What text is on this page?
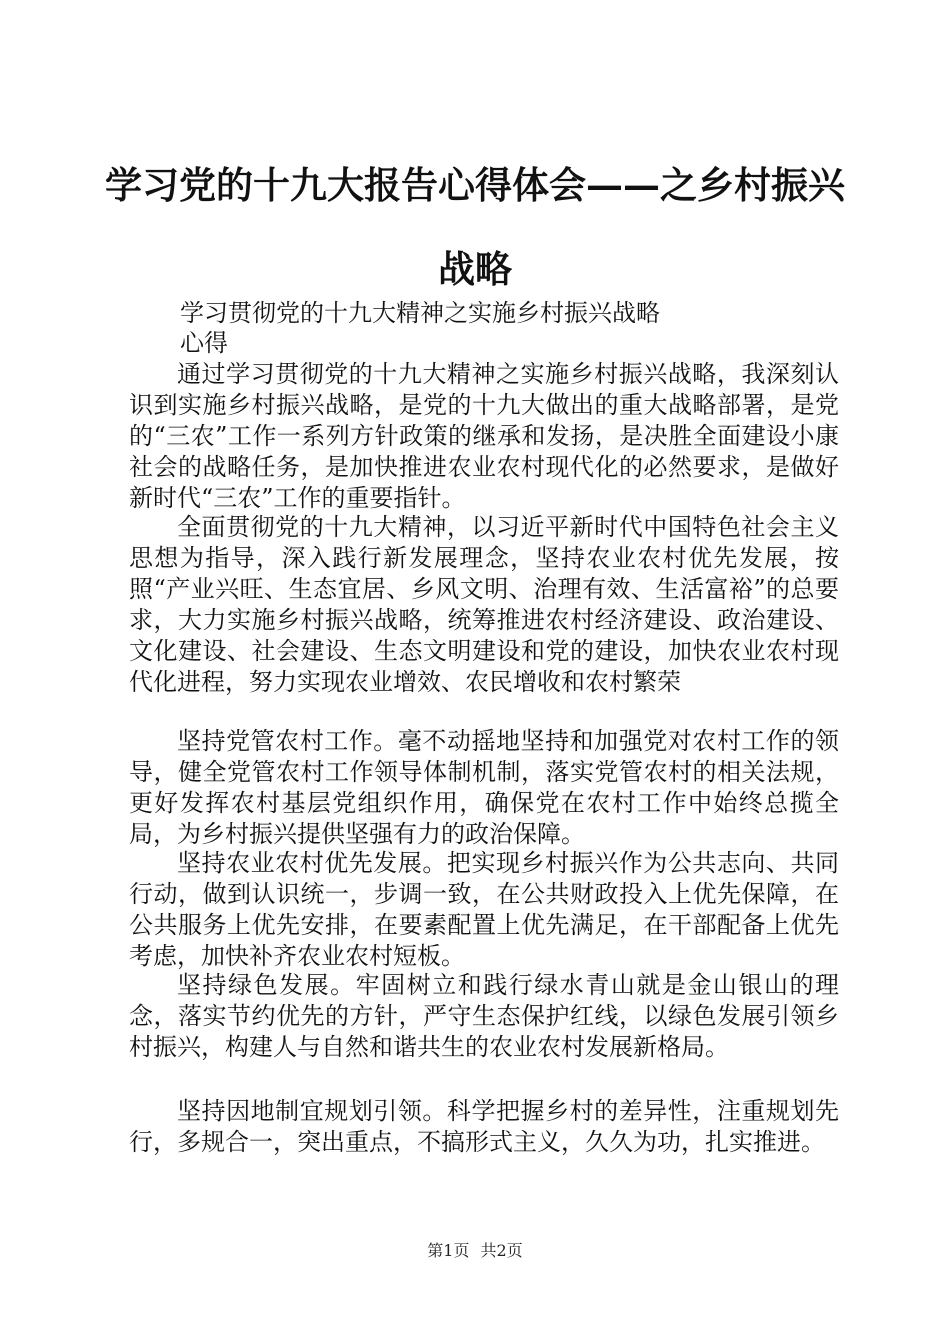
学习党的十九大报告心得体会——之乡村振兴
战略
学习贯彻党的十九大精神之实施乡村振兴战略
心得

通过学习贯彻党的十九大精神之实施乡村振兴战略，我深刻认识到实施乡村振兴战略，是党的十九大做出的重大战略部署，是党的“三农”工作一系列方针政策的继承和发扬，是决胜全面建设小康社会的战略任务，是加快推进农业农村现代化的必然要求，是做好新时代“三农”工作的重要指针。

全面贯彻党的十九大精神，以习近平新时代中国特色社会主义思想为指导，深入践行新发展理念，坚持农业农村优先发展，按照“产业兴旺、生态宜居、乡风文明、治理有效、生活富裕”的总要求，大力实施乡村振兴战略，统筹推进农村经济建设、政治建设、文化建设、社会建设、生态文明建设和党的建设，加快农业农村现代化进程，努力实现农业增效、农民增收和农村繁荣

坚持党管农村工作。毫不动摇地坚持和加强党对农村工作的领导，健全党管农村工作领导体制机制，落实党管农村的相关法规，更好发挥农村基层党组织作用，确保党在农村工作中始终总揽全局，为乡村振兴提供坚强有力的政治保障。

坚持农业农村优先发展。把实现乡村振兴作为公共志向、共同行动，做到认识统一，步调一致，在公共财政投入上优先保障，在公共服务上优先安排，在要素配置上优先满足，在干部配备上优先考虑，加快补齐农业农村短板。

坚持绿色发展。牢固树立和践行绿水青山就是金山银山的理念，落实节约优先的方针，严守生态保护红线，以绿色发展引领乡村振兴，构建人与自然和谐共生的农业农村发展新格局。

坚持因地制宜规划引领。科学把握乡村的差异性，注重规划先行，多规合一，突出重点，不搞形式主义，久久为功，扎实推进。

第1页 共2页
